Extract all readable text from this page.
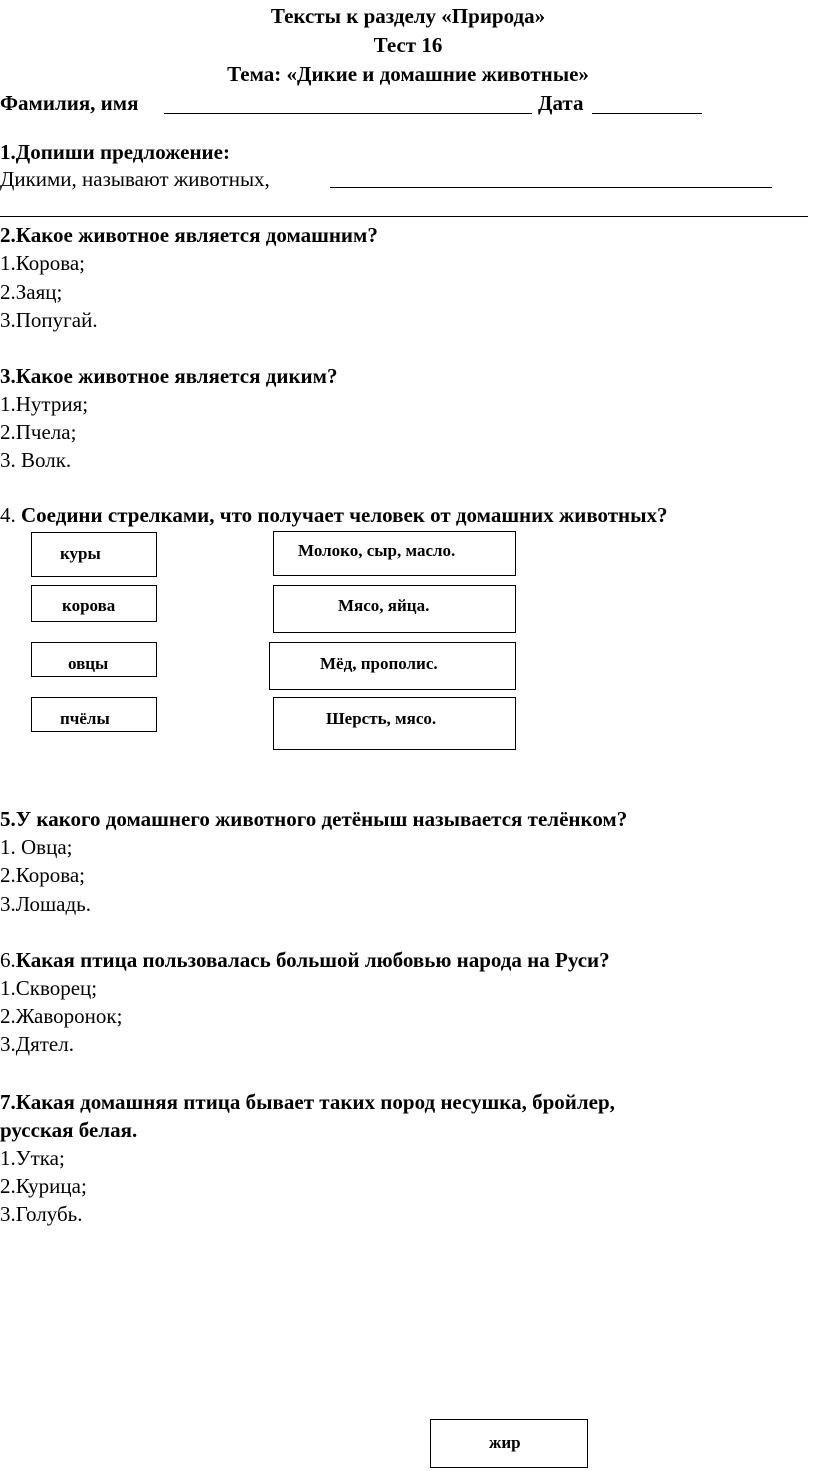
Тексты к разделу «Природа»
Тест 16
Тема: «Дикие и домашние животные»
Фамилия, имя	Дата
1.Допиши предложение:
Дикими, называют животных,
2.Какое животное является домашним?
1.Корова;
2.Заяц;
3.Попугай.
3.Какое животное является диким?
1.Нутрия;
2.Пчела;
3. Волк.
4. Соедини стрелками, что получает человек от домашних животных?
куры
корова
овцы
пчёлы
Молоко, сыр, масло.
Мясо, яйца.
Мёд, прополис.
Шерсть, мясо.
5.У какого домашнего животного детёныш называется телёнком?
1. Овца;
2.Корова;
3.Лошадь.
6.Какая птица пользовалась большой любовью народа на Руси?
1.Скворец;
2.Жаворонок;
3.Дятел.
7.Какая домашняя птица бывает таких пород несушка, бройлер,
русская белая.
1.Утка;
2.Курица;
3.Голубь.
жир
